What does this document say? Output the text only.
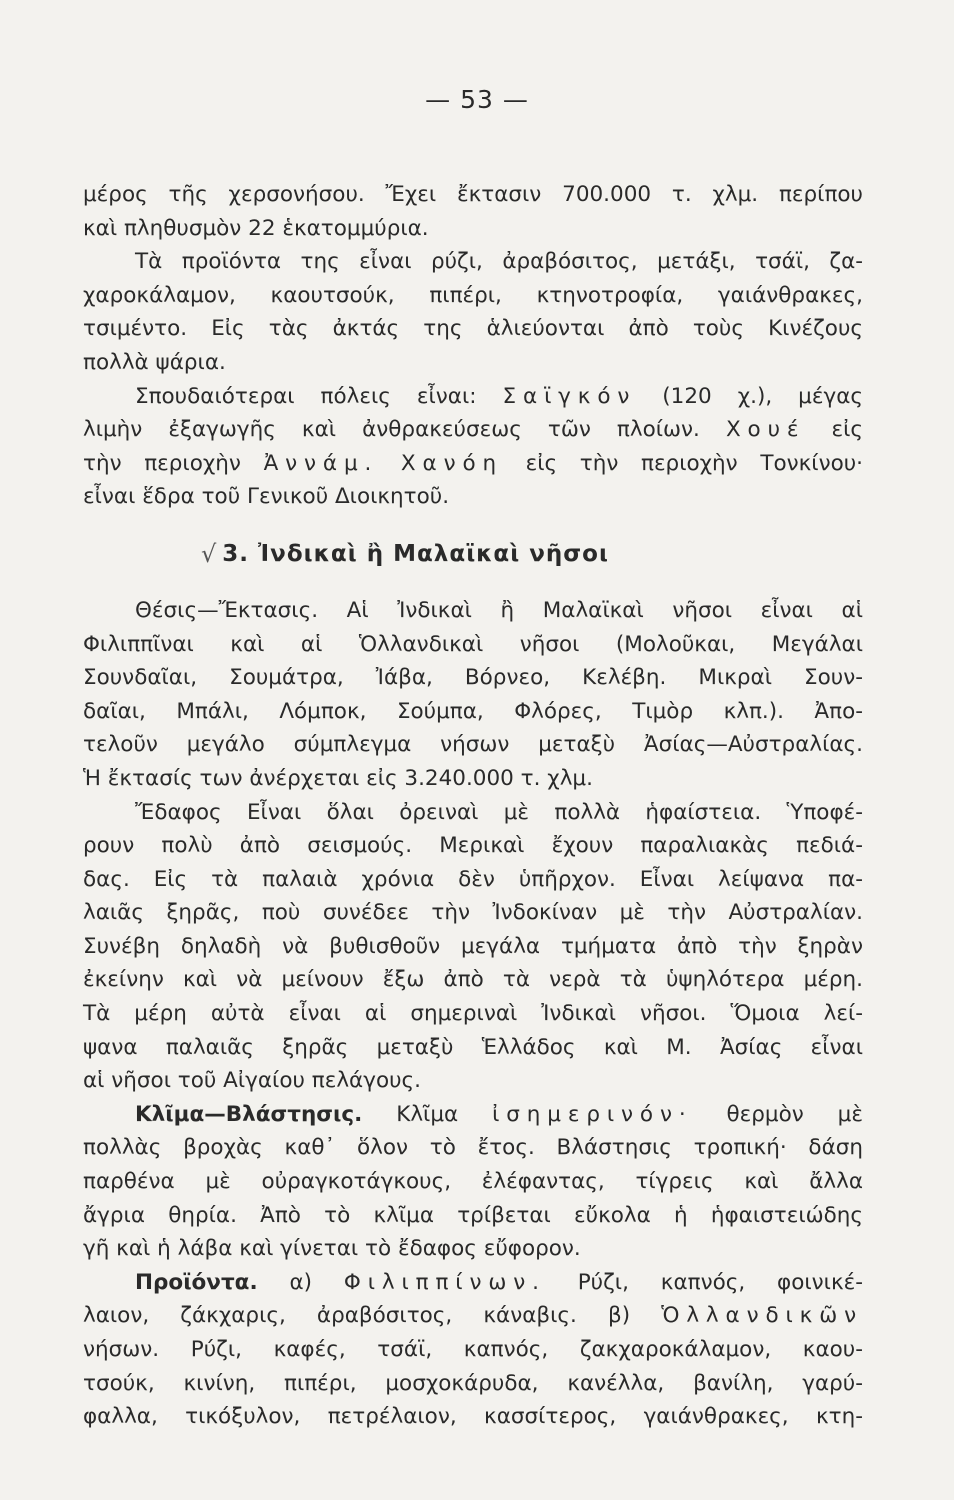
— 53 —
μέρος τῆς χερσονήσου. Ἔχει ἔκτασιν 700.000 τ. χλμ. περίπου
καὶ πληθυσμὸν 22 ἑκατομμύρια.
Τὰ προϊόντα της εἶναι ρύζι, ἀραβόσιτος, μετάξι, τσάϊ, ζα-
χαροκάλαμον, καουτσούκ, πιπέρι, κτηνοτροφία, γαιάνθρακες,
τσιμέντο. Εἰς τὰς ἀκτάς της ἁλιεύονται ἀπὸ τοὺς Κινέζους
πολλὰ ψάρια.
Σπουδαιότεραι πόλεις εἶναι: Σαϊγκόν (120 χ.), μέγας
λιμὴν ἐξαγωγῆς καὶ ἀνθρακεύσεως τῶν πλοίων. Χουέ εἰς
τὴν περιοχὴν Ἀννάμ. Χανόη εἰς τὴν περιοχὴν Τονκίνου·
εἶναι ἕδρα τοῦ Γενικοῦ Διοικητοῦ.
√ 3. Ἰνδικαὶ ἢ Μαλαϊκαὶ νῆσοι
Θέσις—Ἔκτασις. Αἱ Ἰνδικαὶ ἢ Μαλαϊκαὶ νῆσοι εἶναι αἱ
Φιλιππῖναι καὶ αἱ Ὁλλανδικαὶ νῆσοι (Μολοῦκαι, Μεγάλαι
Σουνδαῖαι, Σουμάτρα, Ἰάβα, Βόρνεο, Κελέβη. Μικραὶ Σουν-
δαῖαι, Μπάλι, Λόμποκ, Σούμπα, Φλόρες, Τιμὸρ κλπ.). Ἀπο-
τελοῦν μεγάλο σύμπλεγμα νήσων μεταξὺ Ἀσίας—Αὐστραλίας.
Ἡ ἔκτασίς των ἀνέρχεται εἰς 3.240.000 τ. χλμ.
Ἔδαφος Εἶναι ὅλαι ὀρειναὶ μὲ πολλὰ ἡφαίστεια. Ὑποφέ-
ρουν πολὺ ἀπὸ σεισμούς. Μερικαὶ ἔχουν παραλιακὰς πεδιά-
δας. Εἰς τὰ παλαιὰ χρόνια δὲν ὑπῆρχον. Εἶναι λείψανα πα-
λαιᾶς ξηρᾶς, ποὺ συνέδεε τὴν Ἰνδοκίναν μὲ τὴν Αὐστραλίαν.
Συνέβη δηλαδὴ νὰ βυθισθοῦν μεγάλα τμήματα ἀπὸ τὴν ξηρὰν
ἐκείνην καὶ νὰ μείνουν ἔξω ἀπὸ τὰ νερὰ τὰ ὑψηλότερα μέρη.
Τὰ μέρη αὐτὰ εἶναι αἱ σημεριναὶ Ἰνδικαὶ νῆσοι. Ὅμοια λεί-
ψανα παλαιᾶς ξηρᾶς μεταξὺ Ἑλλάδος καὶ Μ. Ἀσίας εἶναι
αἱ νῆσοι τοῦ Αἰγαίου πελάγους.
Κλῖμα—Βλάστησις. Κλῖμα ἰσημερινόν· θερμὸν μὲ
πολλὰς βροχὰς καθ᾽ ὅλον τὸ ἔτος. Βλάστησις τροπική· δάση
παρθένα μὲ οὐραγκοτάγκους, ἐλέφαντας, τίγρεις καὶ ἄλλα
ἄγρια θηρία. Ἀπὸ τὸ κλῖμα τρίβεται εὔκολα ἡ ἡφαιστειώδης
γῆ καὶ ἡ λάβα καὶ γίνεται τὸ ἔδαφος εὔφορον.
Προϊόντα. α) Φιλιππίνων. Ρύζι, καπνός, φοινικέ-
λαιον, ζάκχαρις, ἀραβόσιτος, κάναβις. β) Ὁλλανδικῶν
νήσων. Ρύζι, καφές, τσάϊ, καπνός, ζακχαροκάλαμον, καου-
τσούκ, κινίνη, πιπέρι, μοσχοκάρυδα, κανέλλα, βανίλη, γαρύ-
φαλλα, τικόξυλον, πετρέλαιον, κασσίτερος, γαιάνθρακες, κτη-
